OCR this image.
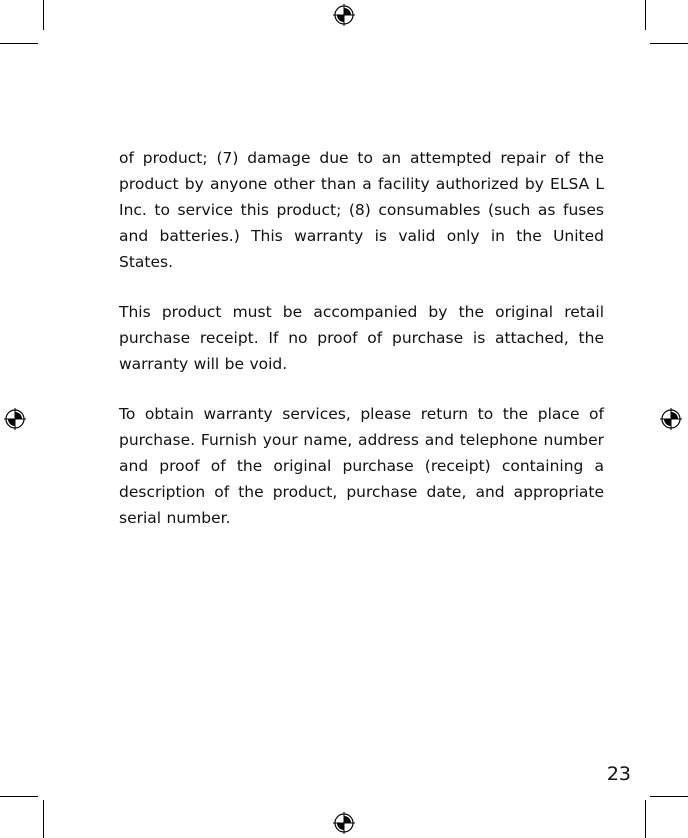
of product; (7) damage due to an attempted repair of the product by anyone other than a facility authorized by ELSA L Inc. to service this product; (8) consumables (such as fuses and batteries.) This warranty is valid only in the United States.

This product must be accompanied by the original retail purchase receipt. If no proof of purchase is attached, the warranty will be void.

To obtain warranty services, please return to the place of purchase. Furnish your name, address and telephone number and proof of the original purchase (receipt) containing a description of the product, purchase date, and appropriate serial number.

23
